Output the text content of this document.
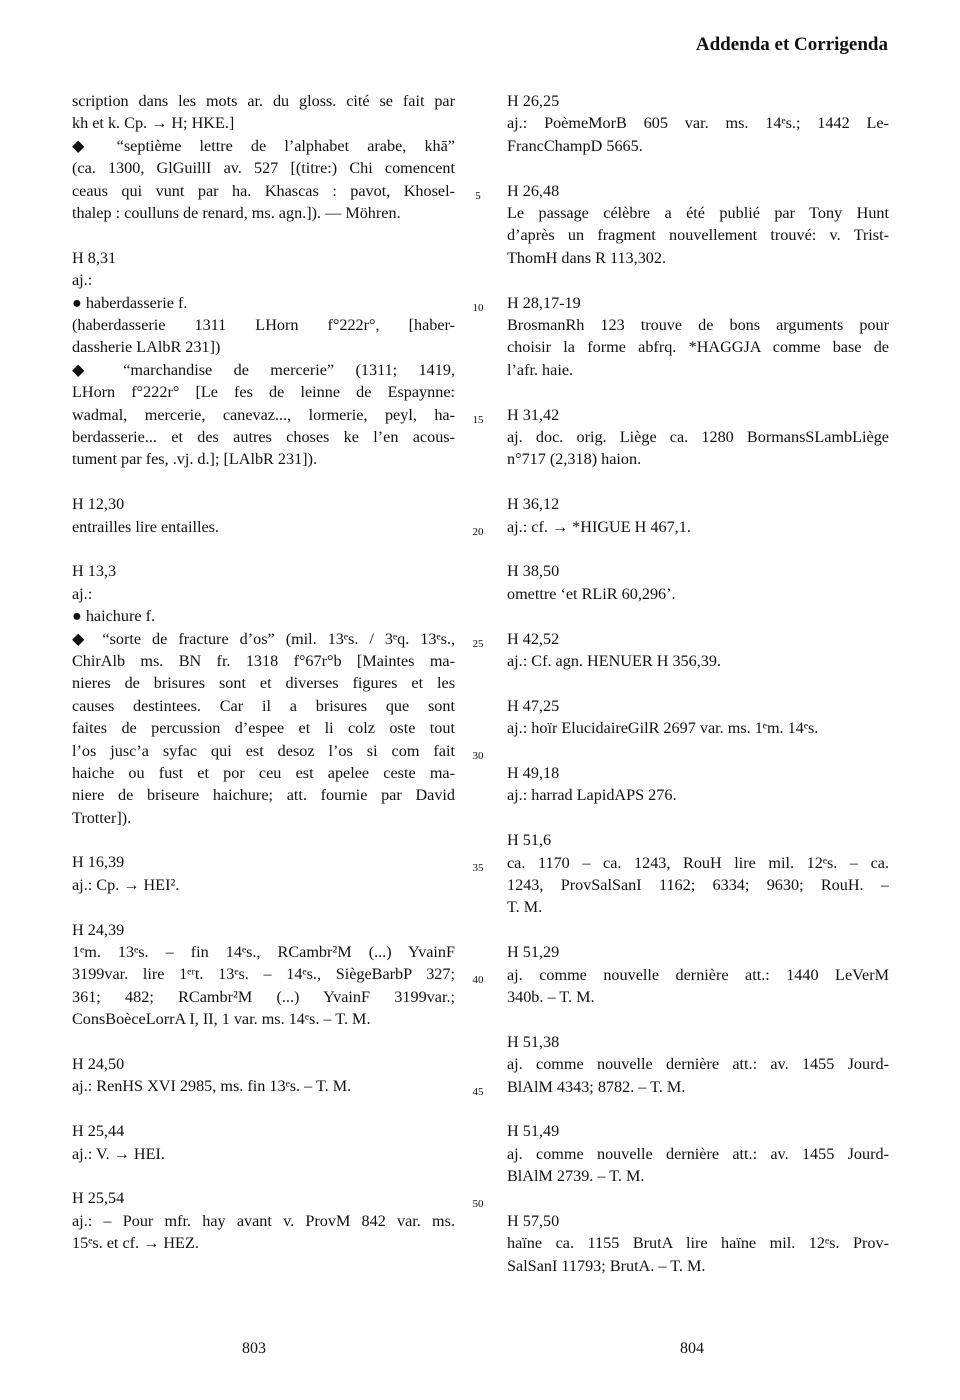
Addenda et Corrigenda
scription dans les mots ar. du gloss. cité se fait par
kh et k. Cp. → H; HKE.]
◆ “septième lettre de l’alphabet arabe, khā”
(ca. 1300, GlGuillI av. 527 [(titre:) Chi comencent
ceaus qui vunt par ha. Khascas : pavot, Khosel-
thalep : coulluns de renard, ms. agn.]). — Möhren.
H 8,31
aj.:
● haberdasserie f.
(haberdasserie 1311 LHorn f°222r°, [haber-
dassherie LAlbR 231])
◆ “marchandise de mercerie” (1311; 1419,
LHorn f°222r° [Le fes de leinne de Espaynne:
wadmal, mercerie, canevaz..., lormerie, peyl, ha-
berdasserie... et des autres choses ke l’en acous-
tument par fes, .vj. d.]; [LAlbR 231]).
H 12,30
entrailles lire entailles.
H 13,3
aj.:
● haichure f.
◆ “sorte de fracture d’os” (mil. 13ᵉs. / 3ᵉq. 13ᵉs.,
ChirAlb ms. BN fr. 1318 f°67r°b [Maintes ma-
nieres de brisures sont et diverses figures et les
causes destintees. Car il a brisures que sont
faites de percussion d’espee et li colz oste tout
l’os jusc’a syfac qui est desoz l’os si com fait
haiche ou fust et por ceu est apelee ceste ma-
niere de briseure haichure; att. fournie par David
Trotter]).
H 16,39
aj.: Cp. → HEI².
H 24,39
1ᵉm. 13ᵉs. – fin 14ᵉs., RCambr²M (...) YvainF
3199var. lire 1ᵉʳt. 13ᵉs. – 14ᵉs., SiègeBarbP 327;
361; 482; RCambr²M (...) YvainF 3199var.;
ConsBoèceLorrA I, II, 1 var. ms. 14ᵉs. – T. M.
H 24,50
aj.: RenHS XVI 2985, ms. fin 13ᵉs. – T. M.
H 25,44
aj.: V. → HEI.
H 25,54
aj.: – Pour mfr. hay avant v. ProvM 842 var. ms.
15ᵉs. et cf. → HEZ.
5
10
15
20
25
30
35
40
45
50
H 26,25
aj.: PoèmeMorB 605 var. ms. 14ᵉs.; 1442 Le-
FrancChampD 5665.
H 26,48
Le passage célèbre a été publié par Tony Hunt
d’après un fragment nouvellement trouvé: v. Trist-
ThomH dans R 113,302.
H 28,17-19
BrosmanRh 123 trouve de bons arguments pour
choisir la forme abfrq. *HAGGJA comme base de
l’afr. haie.
H 31,42
aj. doc. orig. Liège ca. 1280 BormansSLambLiège
n°717 (2,318) haion.
H 36,12
aj.: cf. → *HIGUE H 467,1.
H 38,50
omettre ‘et RLiR 60,296’.
H 42,52
aj.: Cf. agn. HENUER H 356,39.
H 47,25
aj.: hoïr ElucidaireGilR 2697 var. ms. 1ᵉm. 14ᵉs.
H 49,18
aj.: harrad LapidAPS 276.
H 51,6
ca. 1170 – ca. 1243, RouH lire mil. 12ᵉs. – ca.
1243, ProvSalSanI 1162; 6334; 9630; RouH. –
T. M.
H 51,29
aj. comme nouvelle dernière att.: 1440 LeVerM
340b. – T. M.
H 51,38
aj. comme nouvelle dernière att.: av. 1455 Jourd-
BlAlM 4343; 8782. – T. M.
H 51,49
aj. comme nouvelle dernière att.: av. 1455 Jourd-
BlAlM 2739. – T. M.
H 57,50
haïne ca. 1155 BrutA lire haïne mil. 12ᵉs. Prov-
SalSanI 11793; BrutA. – T. M.
803	804
